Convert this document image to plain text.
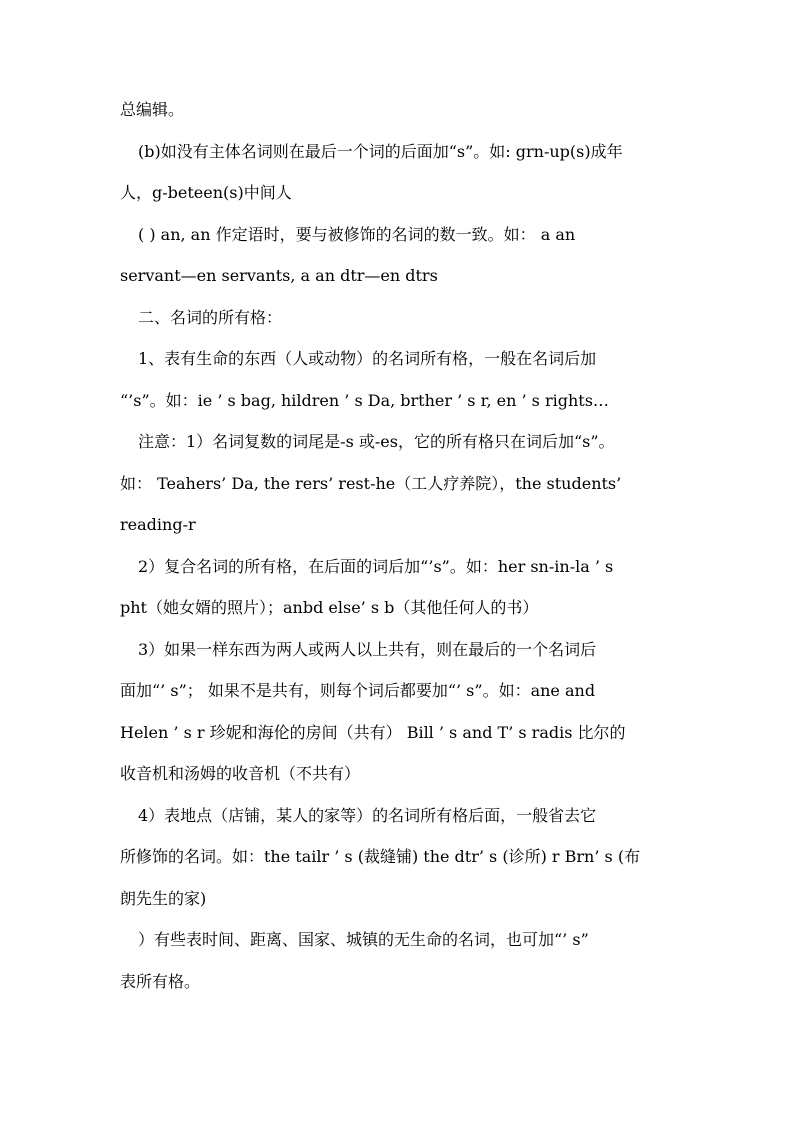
总编辑。

(b)如没有主体名词则在最后一个词的后面加“s”。如: grn-up(s)成年

人，g-beteen(s)中间人

( ) an, an 作定语时，要与被修饰的名词的数一致。如： a an

servant—en servants, a an dtr—en dtrs

二、名词的所有格：

1、表有生命的东西（人或动物）的名词所有格，一般在名词后加

“’s”。如：ie ’ s bag, hildren ’ s Da, brther ’ s r, en ’ s rights…

注意：1）名词复数的词尾是-s 或-es，它的所有格只在词后加“s”。

如： Teahers’ Da, the rers’ rest-he（工人疗养院），the students’

reading-r

2）复合名词的所有格，在后面的词后加“’s”。如：her sn-in-la ’ s

pht（她女婿的照片）；anbd else’ s b（其他任何人的书）

3）如果一样东西为两人或两人以上共有，则在最后的一个名词后

面加“’ s”； 如果不是共有，则每个词后都要加“’ s”。如：ane and

Helen ’ s r 珍妮和海伦的房间（共有） Bill ’ s and T’ s radis 比尔的

收音机和汤姆的收音机（不共有）

4）表地点（店铺，某人的家等）的名词所有格后面，一般省去它

所修饰的名词。如：the tailr ’ s (裁缝铺) the dtr’ s (诊所) r Brn’ s (布

朗先生的家)

）有些表时间、距离、国家、城镇的无生命的名词，也可加“’ s”

表所有格。
